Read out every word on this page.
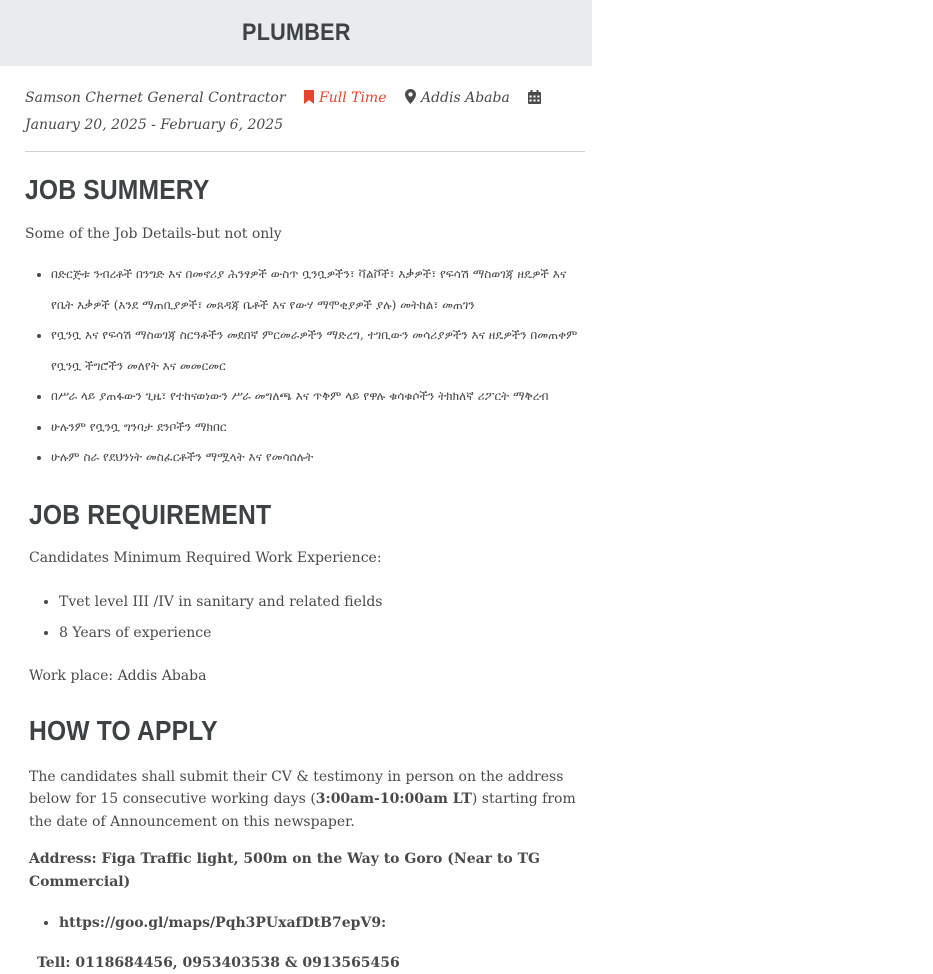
PLUMBER
Samson Chernet General Contractor Full Time Addis Ababa January 20, 2025 - February 6, 2025
JOB SUMMERY

Some of the Job Details-but not only

• በድርጅቱ ንብረቶች በንግድ እና በመኖሪያ ሕንፃዎች ውስጥ ቧንቧዎችን፣ ቫልቮች፣ እቃዎች፣ የፍሳሽ ማስወገጃ ዘዴዎች እና የቤት እቃዎች (እንደ ማጠቢያዎች፣ መጸዳጃ ቤቶች እና የውሃ ማሞቂያዎች ያሉ) መትከል፣ መጠገን
• የቧንቧ እና የፍሳሽ ማስወገጃ ስርዓቶችን መደበኛ ምርመራዎችን ማድረግ, ተገቢውን መሳሪያዎችን እና ዘዴዎችን በመጠቀም የቧንቧ ችግሮችን መለየት እና መመርመር
• በሥራ ላይ ያጠፋውን ጊዜ፣ የተከናወነውን ሥራ መግለጫ እና ጥቅም ላይ የዋሉ ቁሳቁሶችን ትክክለኛ ሪፖርት ማቅረብ
• ሁሉንም የቧንቧ ግንባታ ደንቦችን ማክበር
• ሁሉም ስራ የደህንነት መስፈርቶችን ማሟላት እና የመሳሰሉት
JOB REQUIREMENT

Candidates Minimum Required Work Experience:

• Tvet level III /IV in sanitary and related fields
• 8 Years of experience

Work place: Addis Ababa

HOW TO APPLY

The candidates shall submit their CV & testimony in person on the address below for 15 consecutive working days (3:00am-10:00am LT) starting from the date of Announcement on this newspaper.

Address: Figa Traffic light, 500m on the Way to Goro (Near to TG Commercial)

• https://goo.gl/maps/Pqh3PUxafDtB7epV9:

Tell: 0118684456, 0953403538 & 0913565456
